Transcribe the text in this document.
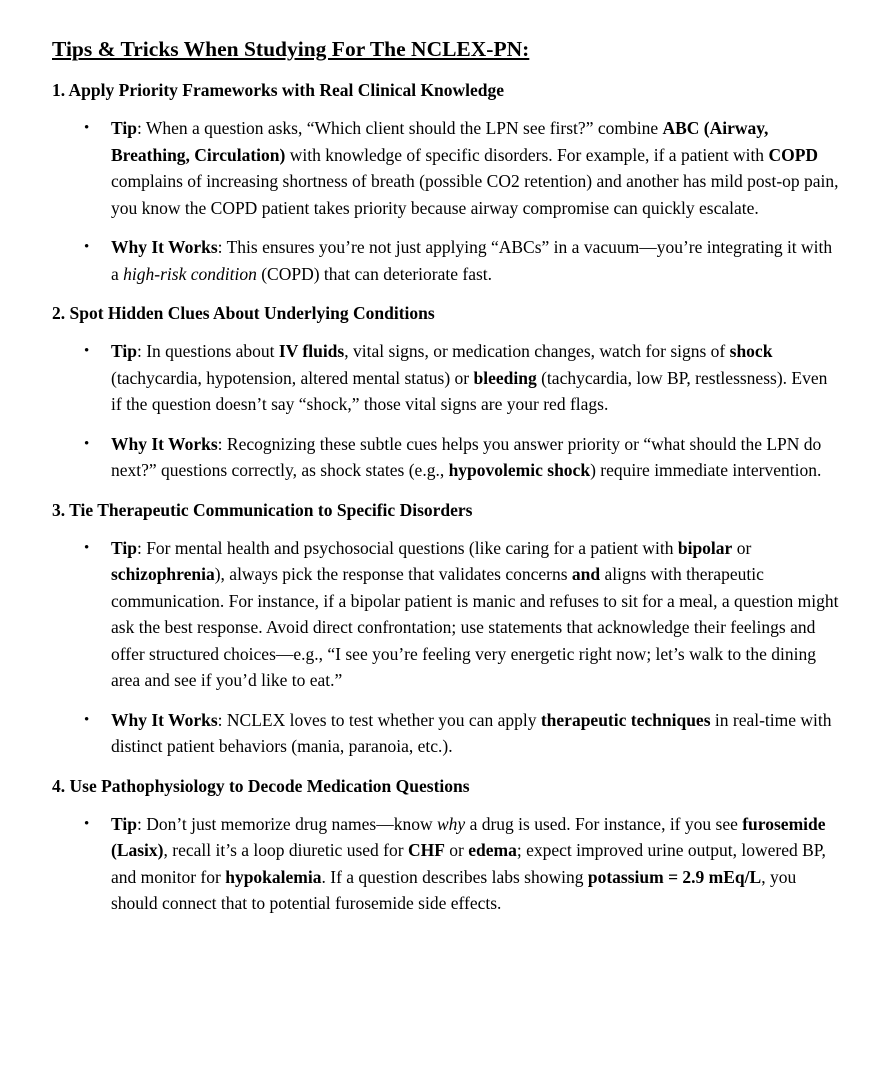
Tips & Tricks When Studying For The NCLEX-PN:
1. Apply Priority Frameworks with Real Clinical Knowledge
• Tip: When a question asks, “Which client should the LPN see first?” combine ABC (Airway, Breathing, Circulation) with knowledge of specific disorders. For example, if a patient with COPD complains of increasing shortness of breath (possible CO2 retention) and another has mild post-op pain, you know the COPD patient takes priority because airway compromise can quickly escalate.
• Why It Works: This ensures you’re not just applying “ABCs” in a vacuum—you’re integrating it with a high-risk condition (COPD) that can deteriorate fast.
2. Spot Hidden Clues About Underlying Conditions
• Tip: In questions about IV fluids, vital signs, or medication changes, watch for signs of shock (tachycardia, hypotension, altered mental status) or bleeding (tachycardia, low BP, restlessness). Even if the question doesn’t say “shock,” those vital signs are your red flags.
• Why It Works: Recognizing these subtle cues helps you answer priority or “what should the LPN do next?” questions correctly, as shock states (e.g., hypovolemic shock) require immediate intervention.
3. Tie Therapeutic Communication to Specific Disorders
• Tip: For mental health and psychosocial questions (like caring for a patient with bipolar or schizophrenia), always pick the response that validates concerns and aligns with therapeutic communication. For instance, if a bipolar patient is manic and refuses to sit for a meal, a question might ask the best response. Avoid direct confrontation; use statements that acknowledge their feelings and offer structured choices—e.g., “I see you’re feeling very energetic right now; let’s walk to the dining area and see if you’d like to eat.”
• Why It Works: NCLEX loves to test whether you can apply therapeutic techniques in real-time with distinct patient behaviors (mania, paranoia, etc.).
4. Use Pathophysiology to Decode Medication Questions
• Tip: Don’t just memorize drug names—know why a drug is used. For instance, if you see furosemide (Lasix), recall it’s a loop diuretic used for CHF or edema; expect improved urine output, lowered BP, and monitor for hypokalemia. If a question describes labs showing potassium = 2.9 mEq/L, you should connect that to potential furosemide side effects.
